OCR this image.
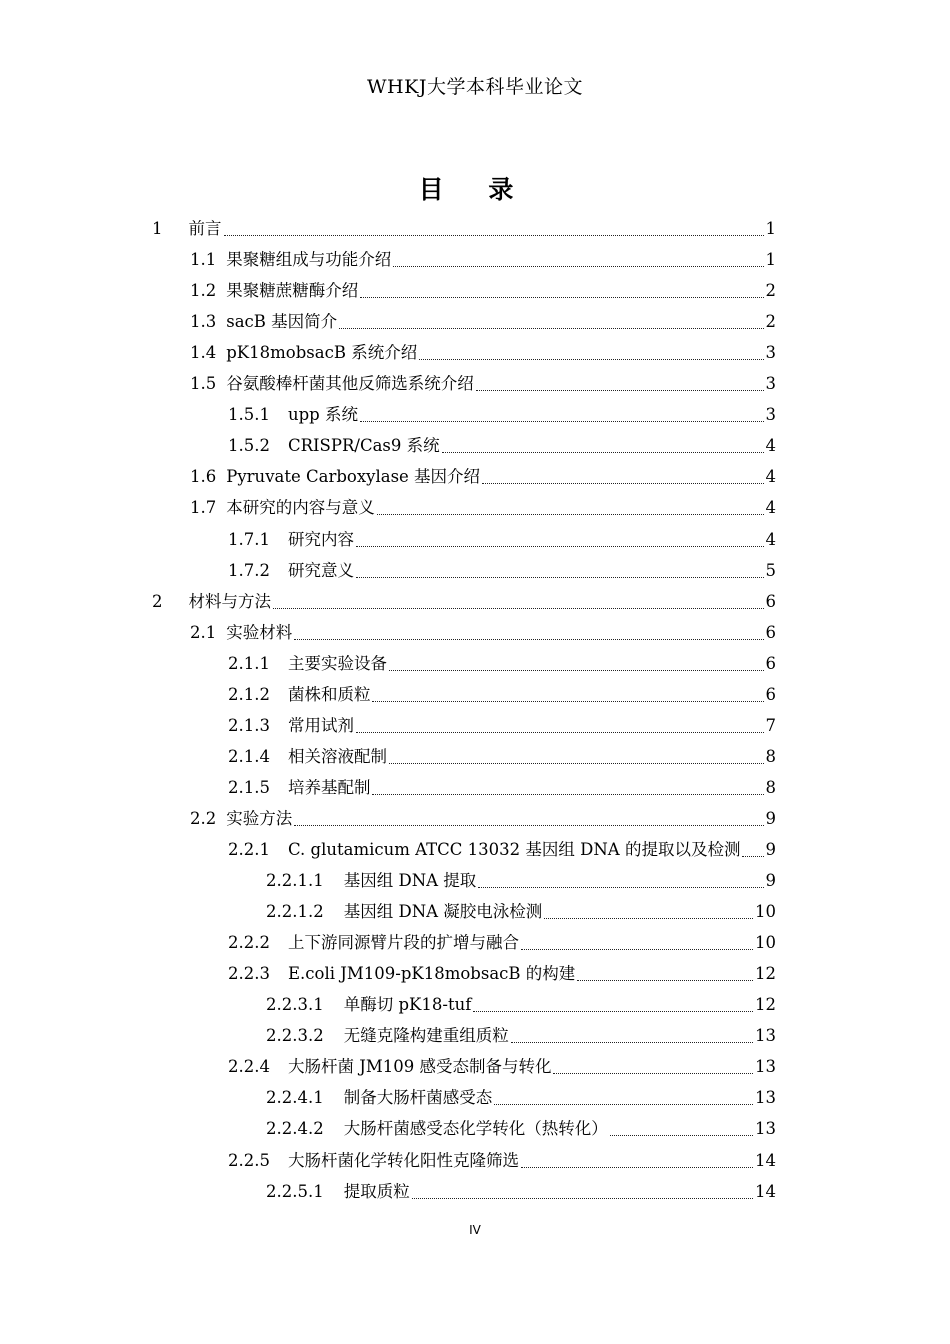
WHKJ大学本科毕业论文
目 录
1 前言	1
1.1 果聚糖组成与功能介绍	1
1.2 果聚糖蔗糖酶介绍	2
1.3 sacB 基因简介	2
1.4 pK18mobsacB 系统介绍	3
1.5 谷氨酸棒杆菌其他反筛选系统介绍	3
1.5.1 upp 系统	3
1.5.2 CRISPR/Cas9 系统	4
1.6 Pyruvate Carboxylase 基因介绍	4
1.7 本研究的内容与意义	4
1.7.1 研究内容	4
1.7.2 研究意义	5
2 材料与方法	6
2.1 实验材料	6
2.1.1 主要实验设备	6
2.1.2 菌株和质粒	6
2.1.3 常用试剂	7
2.1.4 相关溶液配制	8
2.1.5 培养基配制	8
2.2 实验方法	9
2.2.1 C. glutamicum ATCC 13032 基因组 DNA 的提取以及检测 9
2.2.1.1 基因组 DNA 提取	9
2.2.1.2 基因组 DNA 凝胶电泳检测	10
2.2.2 上下游同源臂片段的扩增与融合	10
2.2.3 E.coli JM109-pK18mobsacB 的构建	12
2.2.3.1 单酶切 pK18-tuf	12
2.2.3.2 无缝克隆构建重组质粒	13
2.2.4 大肠杆菌 JM109 感受态制备与转化	13
2.2.4.1 制备大肠杆菌感受态	13
2.2.4.2 大肠杆菌感受态化学转化（热转化）	13
2.2.5 大肠杆菌化学转化阳性克隆筛选	14
2.2.5.1 提取质粒	14
IV
